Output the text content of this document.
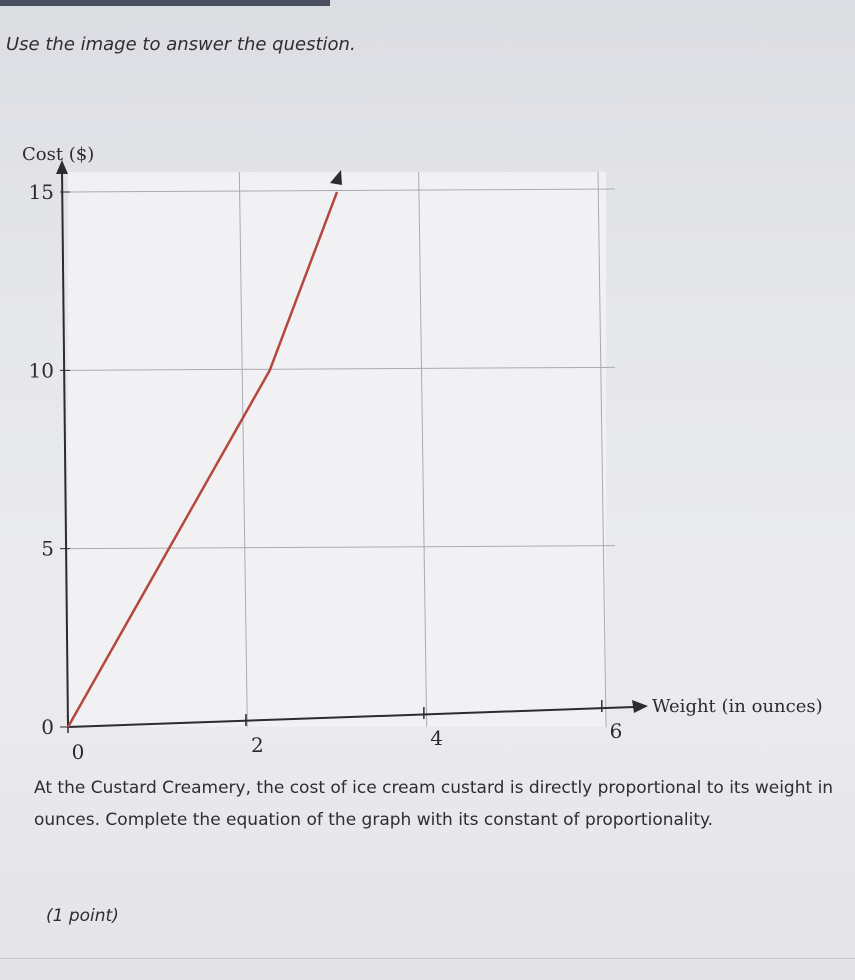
Use the image to answer the question.
0
5
10
15
0	2	4	6
Cost ($)
Weight (in ounces)
At the Custard Creamery, the cost of ice cream custard is directly proportional to its weight in ounces. Complete the equation of the graph with its constant of proportionality.
(1 point)
